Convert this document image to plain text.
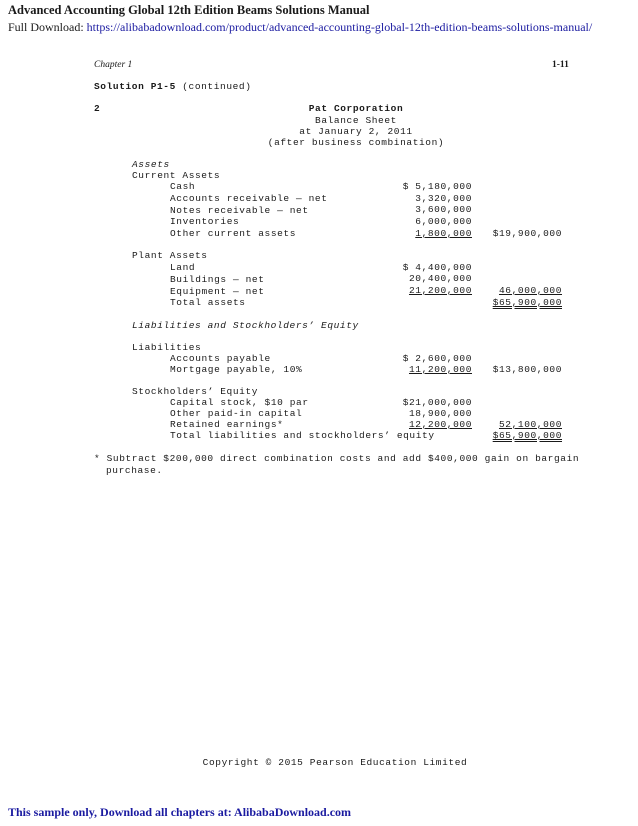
Advanced Accounting Global 12th Edition Beams Solutions Manual
Full Download: https://alibabadownload.com/product/advanced-accounting-global-12th-edition-beams-solutions-manual/
Chapter 1	1-11
Solution P1-5 (continued)
2	Pat Corporation
Balance Sheet
at January 2, 2011
(after business combination)
Assets
Current Assets
Cash	$ 5,180,000
Accounts receivable — net	3,320,000
Notes receivable — net	3,600,000
Inventories	6,000,000
Other current assets	1,800,000	$19,900,000
Plant Assets
Land	$ 4,400,000
Buildings — net	20,400,000
Equipment — net	21,200,000	46,000,000
Total assets	$65,900,000
Liabilities and Stockholders’ Equity
Liabilities
Accounts payable	$ 2,600,000
Mortgage payable, 10%	11,200,000	$13,800,000
Stockholders’ Equity
Capital stock, $10 par	$21,000,000
Other paid-in capital	18,900,000
Retained earnings*	12,200,000	52,100,000
Total liabilities and stockholders’ equity	$65,900,000
* Subtract $200,000 direct combination costs and add $400,000 gain on bargain
purchase.
Copyright © 2015 Pearson Education Limited
This sample only, Download all chapters at: AlibabaDownload.com
